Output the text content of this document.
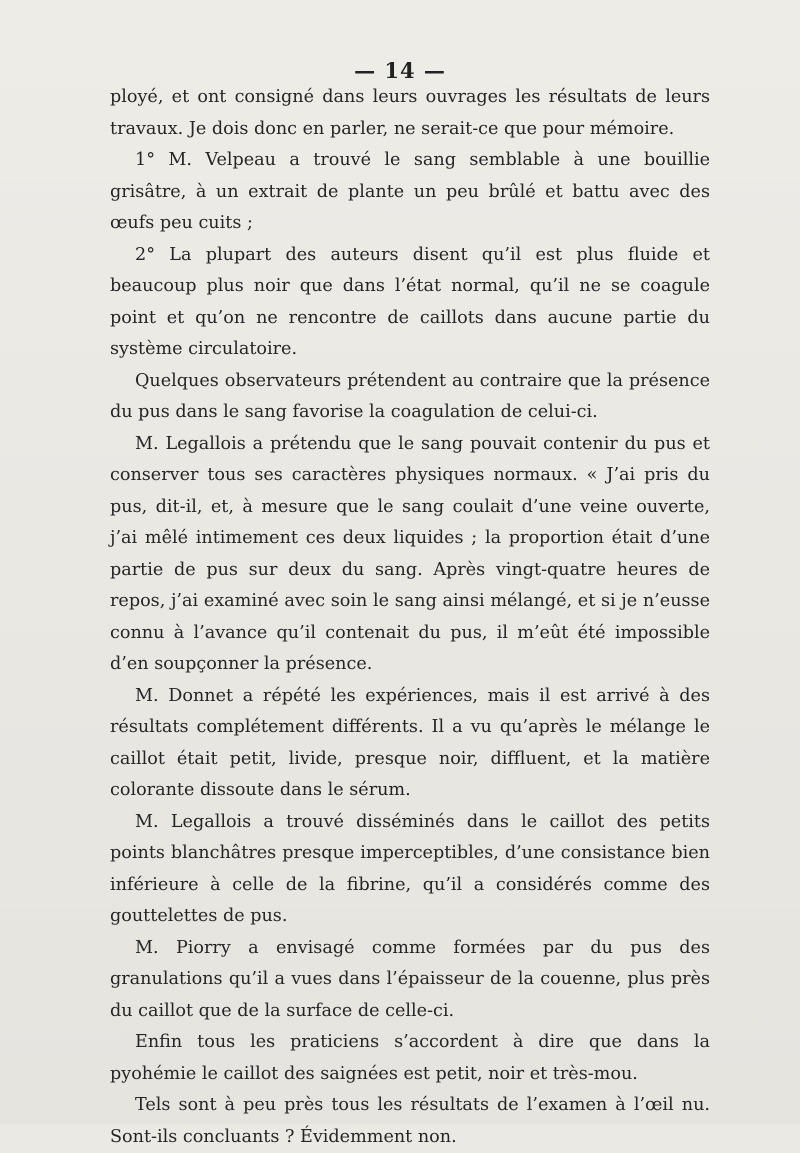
— 14 —

ployé, et ont consigné dans leurs ouvrages les résultats de leurs travaux. Je dois donc en parler, ne serait-ce que pour mémoire.

1° M. Velpeau a trouvé le sang semblable à une bouillie grisâtre, à un extrait de plante un peu brûlé et battu avec des œufs peu cuits ;

2° La plupart des auteurs disent qu’il est plus fluide et beaucoup plus noir que dans l’état normal, qu’il ne se coagule point et qu’on ne rencontre de caillots dans aucune partie du système circulatoire.

Quelques observateurs prétendent au contraire que la présence du pus dans le sang favorise la coagulation de celui-ci.

M. Legallois a prétendu que le sang pouvait contenir du pus et conserver tous ses caractères physiques normaux. « J’ai pris du pus, dit-il, et, à mesure que le sang coulait d’une veine ouverte, j’ai mêlé intimement ces deux liquides ; la proportion était d’une partie de pus sur deux du sang. Après vingt-quatre heures de repos, j’ai examiné avec soin le sang ainsi mélangé, et si je n’eusse connu à l’avance qu’il contenait du pus, il m’eût été impossible d’en soupçonner la présence.

M. Donnet a répété les expériences, mais il est arrivé à des résultats complétement différents. Il a vu qu’après le mélange le caillot était petit, livide, presque noir, diffluent, et la matière colorante dissoute dans le sérum.

M. Legallois a trouvé disséminés dans le caillot des petits points blanchâtres presque imperceptibles, d’une consistance bien inférieure à celle de la fibrine, qu’il a considérés comme des gouttelettes de pus.

M. Piorry a envisagé comme formées par du pus des granulations qu’il a vues dans l’épaisseur de la couenne, plus près du caillot que de la surface de celle-ci.

Enfin tous les praticiens s’accordent à dire que dans la pyohémie le caillot des saignées est petit, noir et très-mou.

Tels sont à peu près tous les résultats de l’examen à l’œil nu. Sont-ils concluants ? Évidemment non.
